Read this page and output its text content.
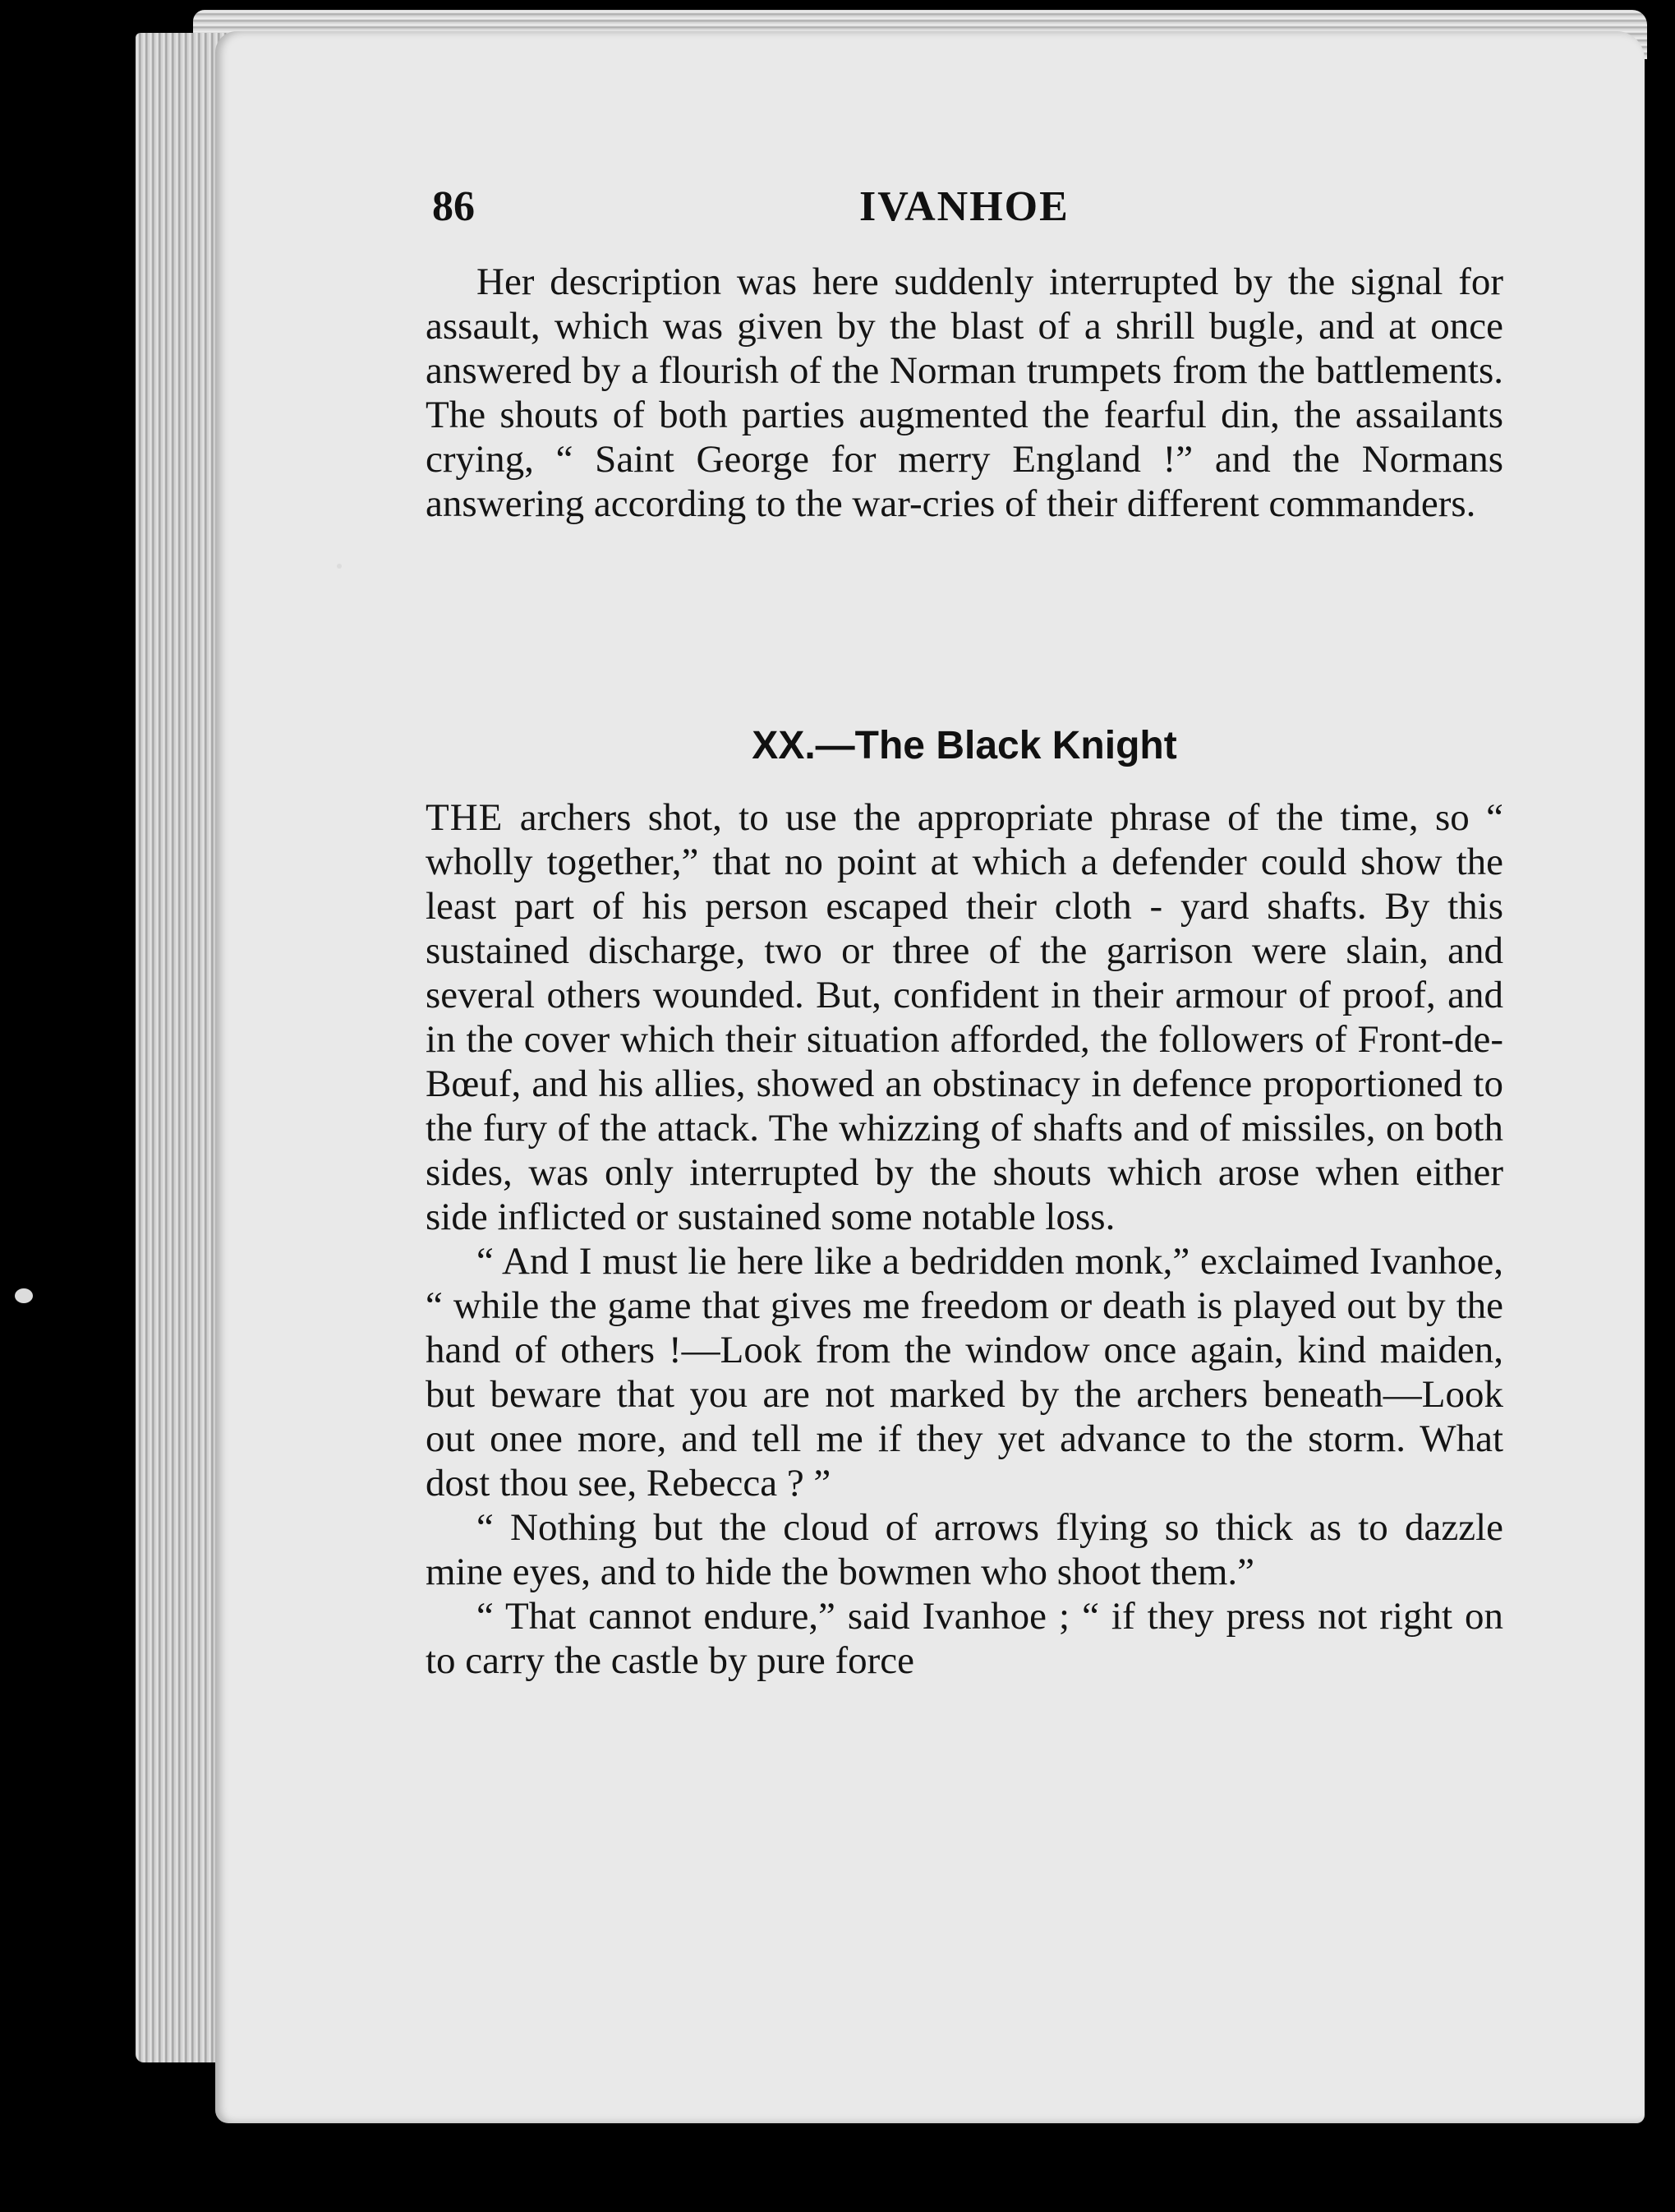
86	IVANHOE

Her description was here suddenly interrupted by the signal for assault, which was given by the blast of a shrill bugle, and at once answered by a flourish of the Norman trumpets from the battlements. The shouts of both parties augmented the fearful din, the assailants crying, “ Saint George for merry England !” and the Normans answering according to the war-cries of their different commanders.

XX.—The Black Knight

THE archers shot, to use the appropriate phrase of the time, so “ wholly together,” that no point at which a defender could show the least part of his person escaped their cloth - yard shafts. By this sustained discharge, two or three of the garrison were slain, and several others wounded. But, confident in their armour of proof, and in the cover which their situation afforded, the followers of Front-de-Bœuf, and his allies, showed an obstinacy in defence proportioned to the fury of the attack. The whizzing of shafts and of missiles, on both sides, was only interrupted by the shouts which arose when either side inflicted or sustained some notable loss.

“ And I must lie here like a bedridden monk,” exclaimed Ivanhoe, “ while the game that gives me freedom or death is played out by the hand of others !—Look from the window once again, kind maiden, but beware that you are not marked by the archers beneath—Look out onee more, and tell me if they yet advance to the storm. What dost thou see, Rebecca ? ”

“ Nothing but the cloud of arrows flying so thick as to dazzle mine eyes, and to hide the bowmen who shoot them.”

“ That cannot endure,” said Ivanhoe ; “ if they press not right on to carry the castle by pure force
